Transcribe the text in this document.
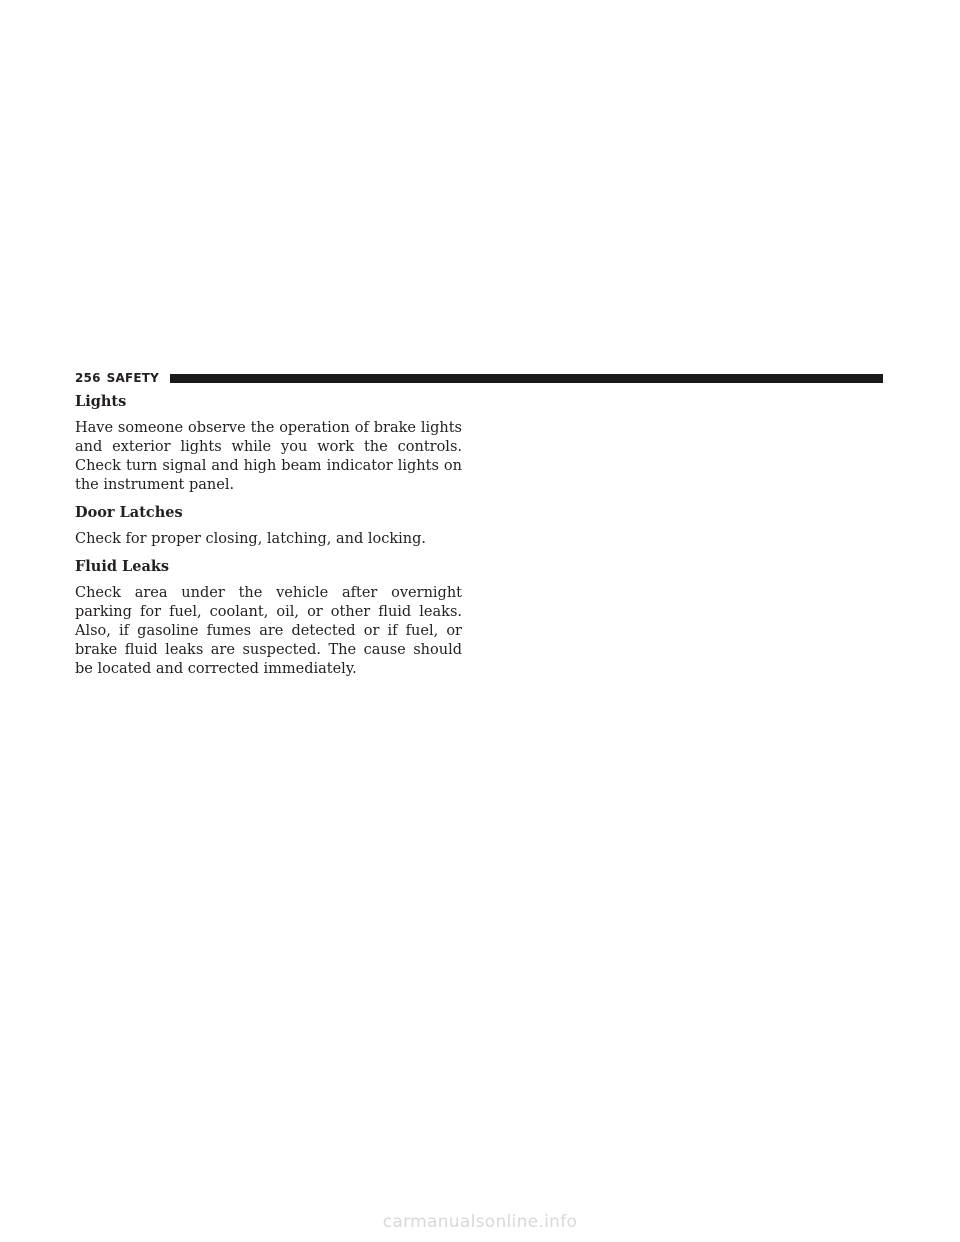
256 SAFETY
Lights

Have someone observe the operation of brake lights and exterior lights while you work the controls. Check turn signal and high beam indicator lights on the instrument panel.

Door Latches

Check for proper closing, latching, and locking.

Fluid Leaks

Check area under the vehicle after overnight parking for fuel, coolant, oil, or other fluid leaks. Also, if gasoline fumes are detected or if fuel, or brake fluid leaks are suspected. The cause should be located and corrected immediately.

carmanualsonline.info
